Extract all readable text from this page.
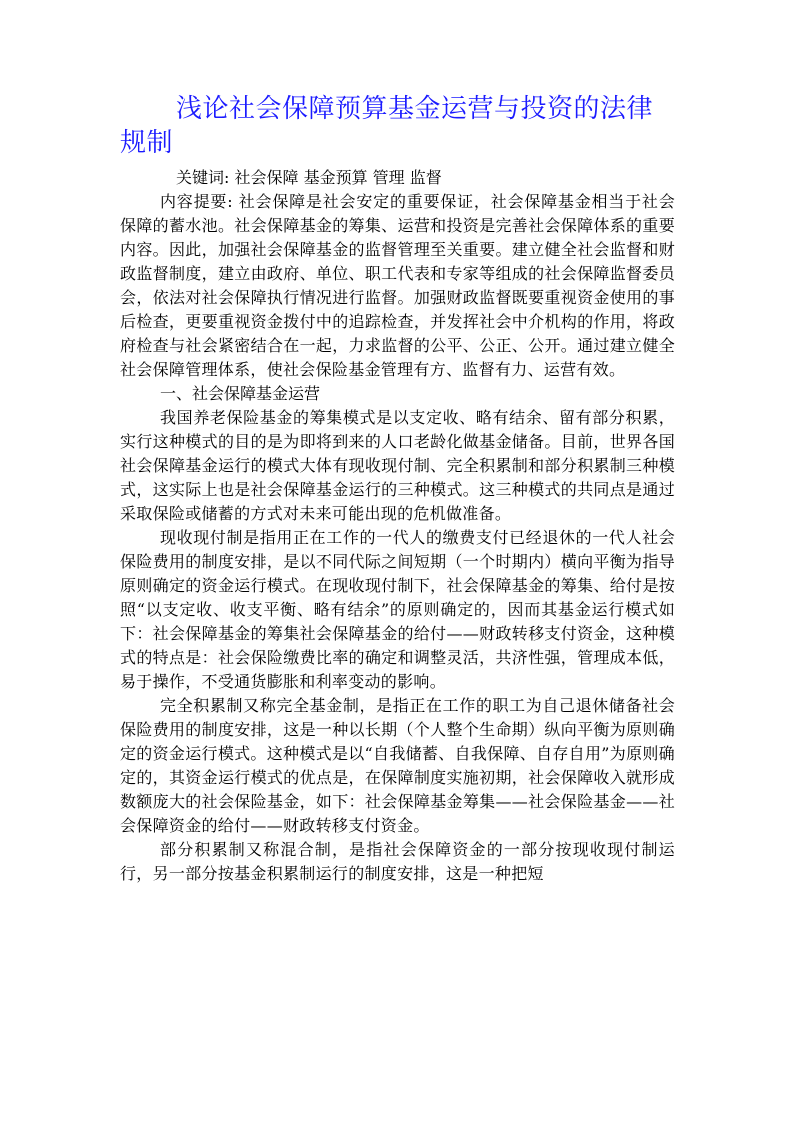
浅论社会保障预算基金运营与投资的法律规制

关键词: 社会保障 基金预算 管理 监督

内容提要: 社会保障是社会安定的重要保证，社会保障基金相当于社会保障的蓄水池。社会保障基金的筹集、运营和投资是完善社会保障体系的重要内容。因此，加强社会保障基金的监督管理至关重要。建立健全社会监督和财政监督制度，建立由政府、单位、职工代表和专家等组成的社会保障监督委员会，依法对社会保障执行情况进行监督。加强财政监督既要重视资金使用的事后检查，更要重视资金拨付中的追踪检查，并发挥社会中介机构的作用，将政府检查与社会紧密结合在一起，力求监督的公平、公正、公开。通过建立健全社会保障管理体系，使社会保险基金管理有方、监督有力、运营有效。

一、社会保障基金运营

我国养老保险基金的筹集模式是以支定收、略有结余、留有部分积累，实行这种模式的目的是为即将到来的人口老龄化做基金储备。目前，世界各国社会保障基金运行的模式大体有现收现付制、完全积累制和部分积累制三种模式，这实际上也是社会保障基金运行的三种模式。这三种模式的共同点是通过采取保险或储蓄的方式对未来可能出现的危机做准备。

现收现付制是指用正在工作的一代人的缴费支付已经退休的一代人社会保险费用的制度安排，是以不同代际之间短期（一个时期内）横向平衡为指导原则确定的资金运行模式。在现收现付制下，社会保障基金的筹集、给付是按照“以支定收、收支平衡、略有结余”的原则确定的，因而其基金运行模式如下：社会保障基金的筹集社会保障基金的给付——财政转移支付资金，这种模式的特点是：社会保险缴费比率的确定和调整灵活，共济性强，管理成本低，易于操作，不受通货膨胀和利率变动的影响。

完全积累制又称完全基金制，是指正在工作的职工为自己退休储备社会保险费用的制度安排，这是一种以长期（个人整个生命期）纵向平衡为原则确定的资金运行模式。这种模式是以“自我储蓄、自我保障、自存自用”为原则确定的，其资金运行模式的优点是，在保障制度实施初期，社会保障收入就形成数额庞大的社会保险基金，如下：社会保障基金筹集——社会保险基金——社会保障资金的给付——财政转移支付资金。

部分积累制又称混合制，是指社会保障资金的一部分按现收现付制运行，另一部分按基金积累制运行的制度安排，这是一种把短
